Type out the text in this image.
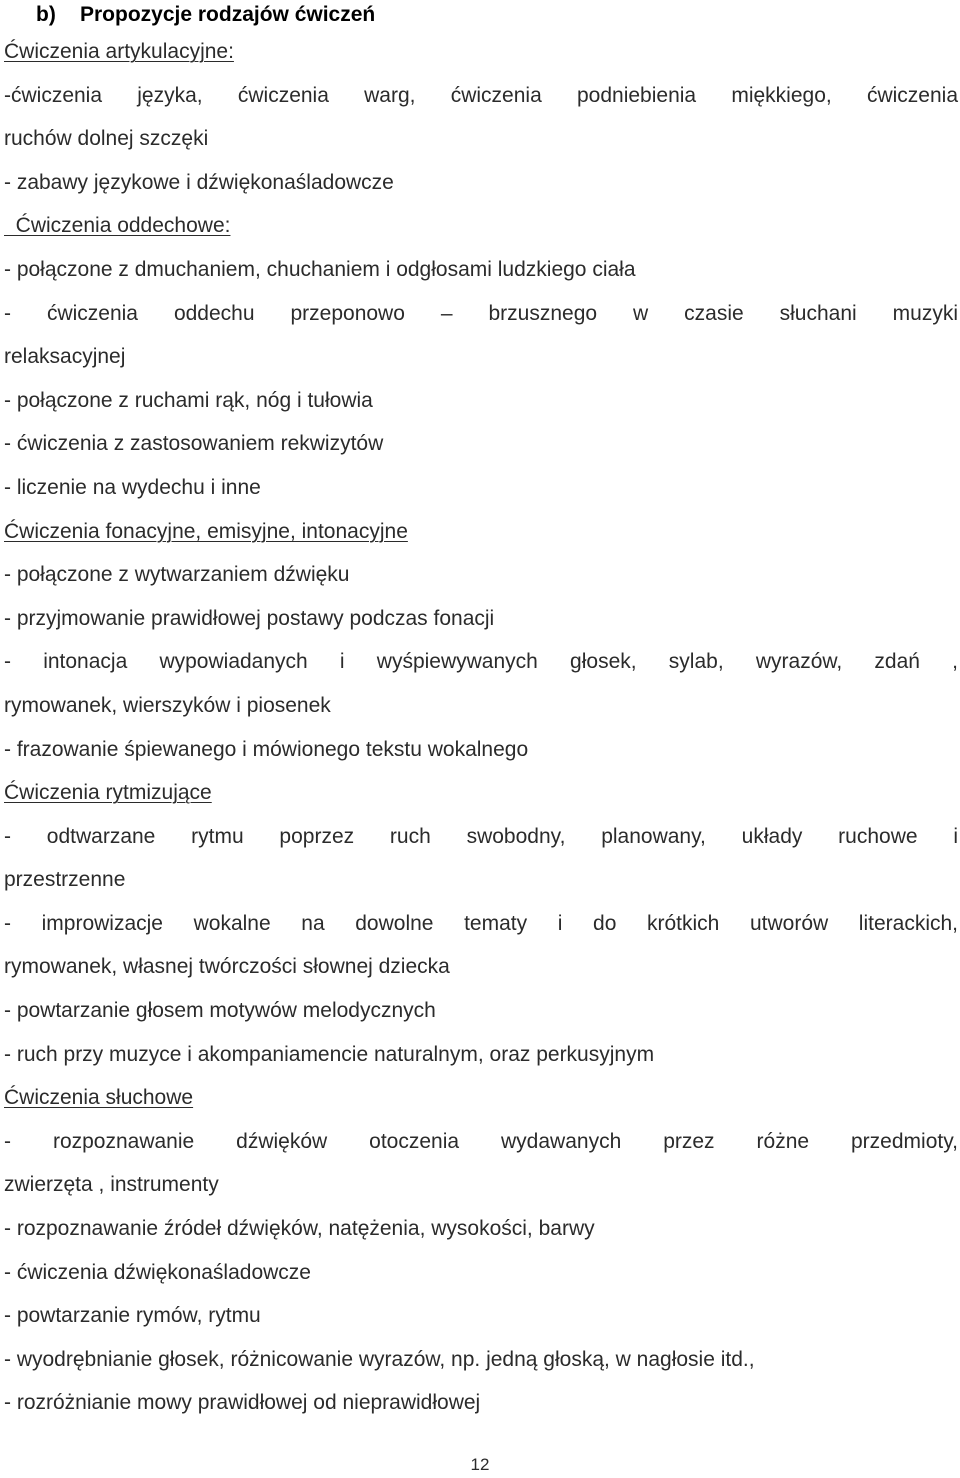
b) Propozycje rodzajów ćwiczeń
Ćwiczenia artykulacyjne:
-ćwiczenia języka, ćwiczenia warg, ćwiczenia podniebienia miękkiego, ćwiczenia
ruchów dolnej szczęki
- zabawy językowe i dźwiękonaśladowcze
Ćwiczenia oddechowe:
- połączone z dmuchaniem, chuchaniem i odgłosami ludzkiego ciała
- ćwiczenia oddechu przeponowo – brzusznego w czasie słuchani muzyki
relaksacyjnej
- połączone z ruchami rąk, nóg i tułowia
- ćwiczenia z zastosowaniem rekwizytów
- liczenie na wydechu i inne
Ćwiczenia fonacyjne, emisyjne, intonacyjne
- połączone z wytwarzaniem dźwięku
- przyjmowanie prawidłowej postawy podczas fonacji
- intonacja wypowiadanych i wyśpiewywanych głosek, sylab, wyrazów, zdań ,
rymowanek, wierszyków i piosenek
- frazowanie śpiewanego i mówionego tekstu wokalnego
Ćwiczenia rytmizujące
- odtwarzane rytmu poprzez ruch swobodny, planowany, układy ruchowe i
przestrzenne
- improwizacje wokalne na dowolne tematy i do krótkich utworów literackich,
rymowanek, własnej twórczości słownej dziecka
- powtarzanie głosem motywów melodycznych
- ruch przy muzyce i akompaniamencie naturalnym, oraz perkusyjnym
Ćwiczenia słuchowe
- rozpoznawanie dźwięków otoczenia wydawanych przez różne przedmioty,
zwierzęta , instrumenty
- rozpoznawanie źródeł dźwięków, natężenia, wysokości, barwy
- ćwiczenia dźwiękonaśladowcze
- powtarzanie rymów, rytmu
- wyodrębnianie głosek, różnicowanie wyrazów, np. jedną głoską, w nagłosie itd.,
- rozróżnianie mowy prawidłowej od nieprawidłowej
12
